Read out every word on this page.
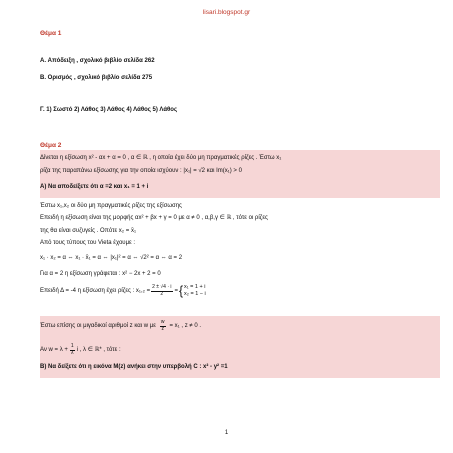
lisari.blogspot.gr
Θέμα 1
A. Απόδειξη , σχολικό βιβλίο σελίδα 262
B. Ορισμός , σχολικό βιβλίο σελίδα 275
Γ. 1) Σωστό 2) Λάθος 3) Λάθος 4) Λάθος 5) Λάθος
Θέμα 2
Δίνεται η εξίσωση x² - αx + α = 0 , α ∈ ℝ , η οποία έχει δύο μη πραγματικές ρίζες . Έστω x₁
ρίζα της παραπάνω εξίσωσης για την οποία ισχύουν : |x₁| = √2 και Im(x₁) > 0
A) Να αποδείξετε ότι α =2 και x₁ = 1 + i
Έστω x₁,x₂ οι δύο μη πραγματικές ρίζες της εξίσωσης
Επειδή η εξίσωση είναι της μορφής αx² + βx + γ = 0 με α ≠ 0 , α,β,γ ∈ ℝ , τότε οι ρίζες
της θα είναι συζυγείς . Οπότε x₂ = x̄₁
Από τους τύπους του Vieta έχουμε :
x₁ · x₂ = α ⇔ x₁ · x̄₁ = α ⇔ |x₁|² = α ⇔ √2² = α ⇔ α = 2
Για α = 2 η εξίσωση γράφεται : x² − 2x + 2 = 0
Επειδή Δ = -4 η εξίσωση έχει ρίζες : $x_1,_2 = \frac{2 \pm √4 \cdot i}{2}$ = { x₁ = 1 + i
x₂ = 1 − i
Έστω επίσης οι μιγαδικοί αριθμοί z και w με $\frac{w}{z} = x_1$ , z ≠ 0 .
Αν $w = \lambda + \frac{1}{\lambda}$ i , λ ∈ ℝ* , τότε :
B) Να δείξετε ότι η εικόνα M(z) ανήκει στην υπερβολή C : x² - y² =1
1
